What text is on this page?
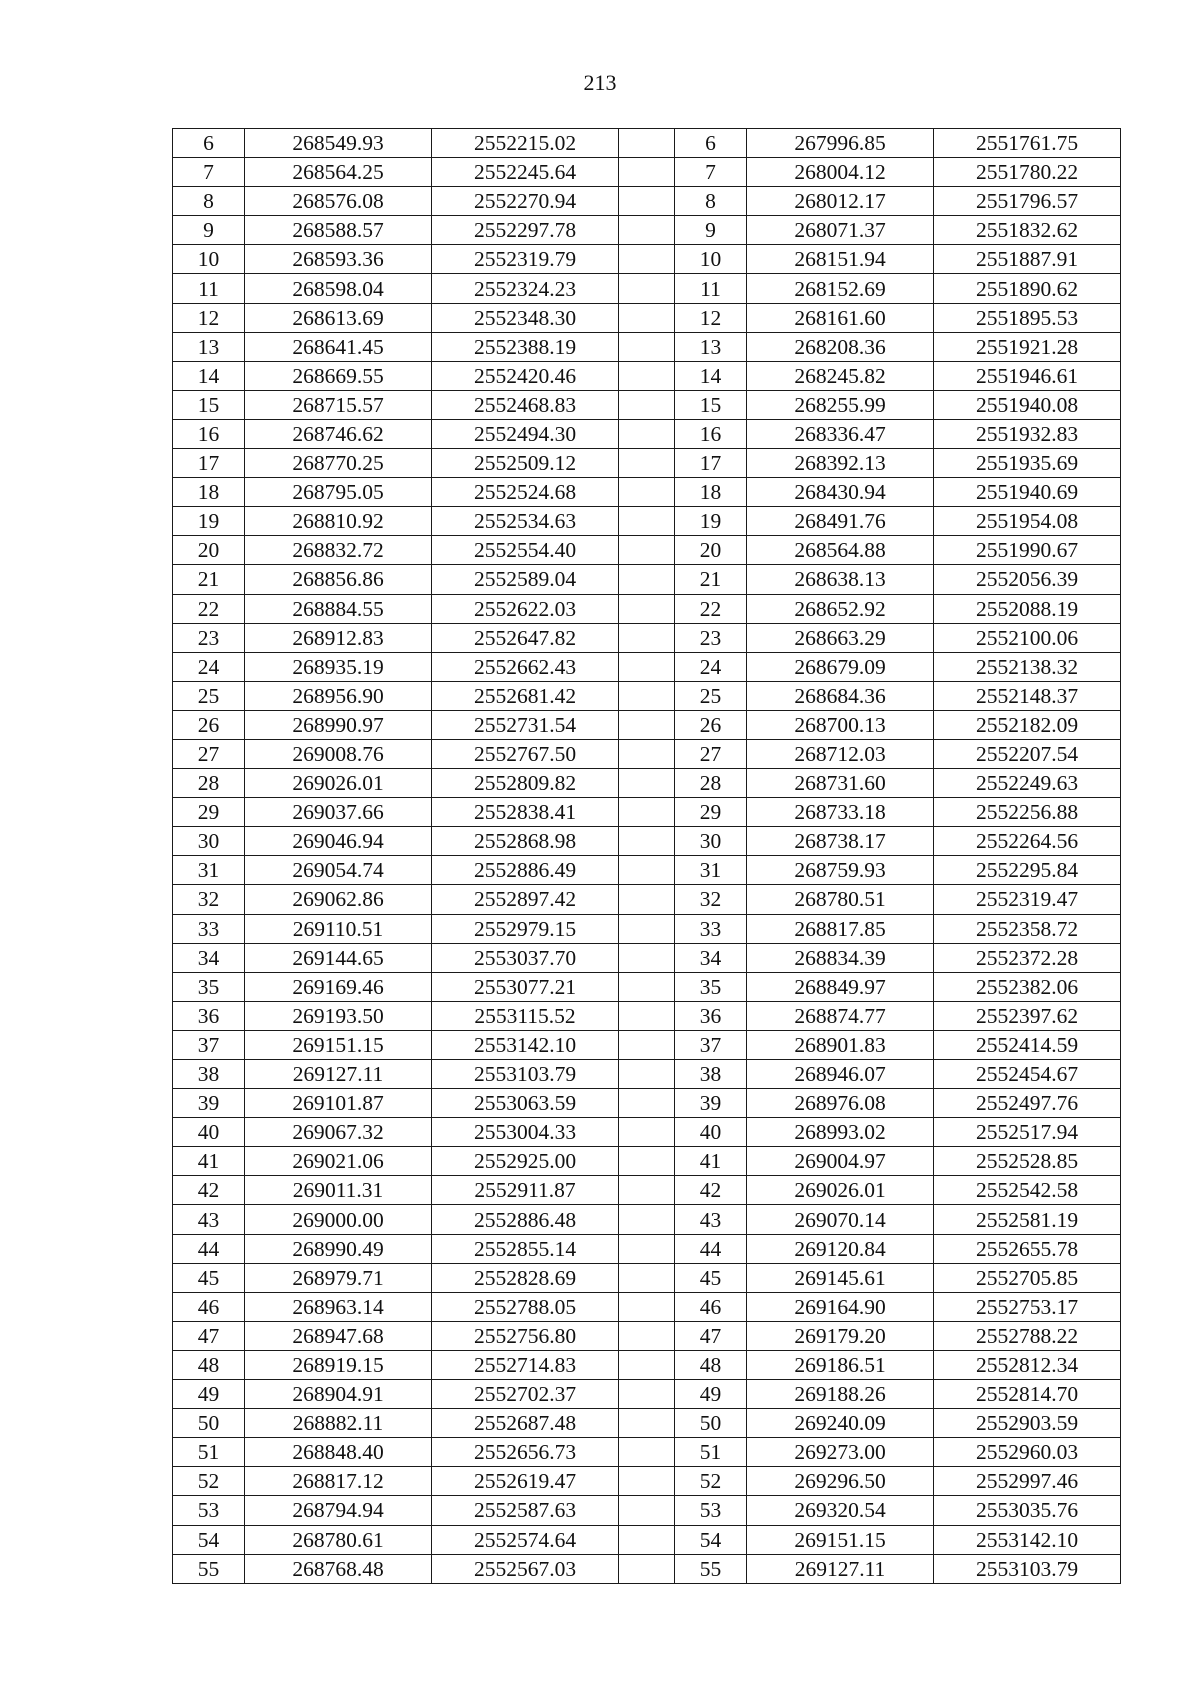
213
6	268549.93	2552215.02		6	267996.85	2551761.75
7	268564.25	2552245.64		7	268004.12	2551780.22
8	268576.08	2552270.94		8	268012.17	2551796.57
9	268588.57	2552297.78		9	268071.37	2551832.62
10	268593.36	2552319.79		10	268151.94	2551887.91
11	268598.04	2552324.23		11	268152.69	2551890.62
12	268613.69	2552348.30		12	268161.60	2551895.53
13	268641.45	2552388.19		13	268208.36	2551921.28
14	268669.55	2552420.46		14	268245.82	2551946.61
15	268715.57	2552468.83		15	268255.99	2551940.08
16	268746.62	2552494.30		16	268336.47	2551932.83
17	268770.25	2552509.12		17	268392.13	2551935.69
18	268795.05	2552524.68		18	268430.94	2551940.69
19	268810.92	2552534.63		19	268491.76	2551954.08
20	268832.72	2552554.40		20	268564.88	2551990.67
21	268856.86	2552589.04		21	268638.13	2552056.39
22	268884.55	2552622.03		22	268652.92	2552088.19
23	268912.83	2552647.82		23	268663.29	2552100.06
24	268935.19	2552662.43		24	268679.09	2552138.32
25	268956.90	2552681.42		25	268684.36	2552148.37
26	268990.97	2552731.54		26	268700.13	2552182.09
27	269008.76	2552767.50		27	268712.03	2552207.54
28	269026.01	2552809.82		28	268731.60	2552249.63
29	269037.66	2552838.41		29	268733.18	2552256.88
30	269046.94	2552868.98		30	268738.17	2552264.56
31	269054.74	2552886.49		31	268759.93	2552295.84
32	269062.86	2552897.42		32	268780.51	2552319.47
33	269110.51	2552979.15		33	268817.85	2552358.72
34	269144.65	2553037.70		34	268834.39	2552372.28
35	269169.46	2553077.21		35	268849.97	2552382.06
36	269193.50	2553115.52		36	268874.77	2552397.62
37	269151.15	2553142.10		37	268901.83	2552414.59
38	269127.11	2553103.79		38	268946.07	2552454.67
39	269101.87	2553063.59		39	268976.08	2552497.76
40	269067.32	2553004.33		40	268993.02	2552517.94
41	269021.06	2552925.00		41	269004.97	2552528.85
42	269011.31	2552911.87		42	269026.01	2552542.58
43	269000.00	2552886.48		43	269070.14	2552581.19
44	268990.49	2552855.14		44	269120.84	2552655.78
45	268979.71	2552828.69		45	269145.61	2552705.85
46	268963.14	2552788.05		46	269164.90	2552753.17
47	268947.68	2552756.80		47	269179.20	2552788.22
48	268919.15	2552714.83		48	269186.51	2552812.34
49	268904.91	2552702.37		49	269188.26	2552814.70
50	268882.11	2552687.48		50	269240.09	2552903.59
51	268848.40	2552656.73		51	269273.00	2552960.03
52	268817.12	2552619.47		52	269296.50	2552997.46
53	268794.94	2552587.63		53	269320.54	2553035.76
54	268780.61	2552574.64		54	269151.15	2553142.10
55	268768.48	2552567.03		55	269127.11	2553103.79
